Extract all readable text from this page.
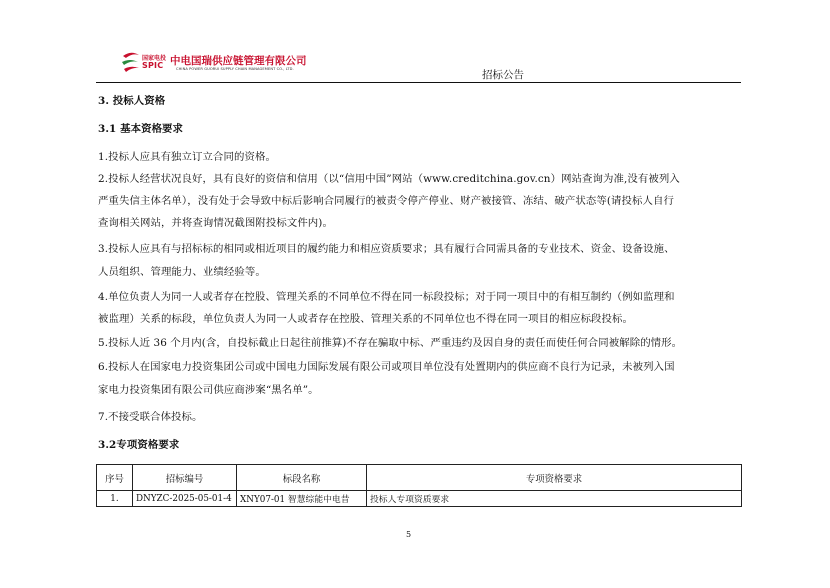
国家电投
SPIC 中电国瑞供应链管理有限公司
CHINA POWER GUORUI SUPPLY CHAIN MANAGEMENT CO., LTD.	招标公告
3. 投标人资格
3.1 基本资格要求
1.投标人应具有独立订立合同的资格。
2.投标人经营状况良好，具有良好的资信和信用（以“信用中国”网站（www.creditchina.gov.cn）网站查询为准,没有被列入
严重失信主体名单），没有处于会导致中标后影响合同履行的被责令停产停业、财产被接管、冻结、破产状态等(请投标人自行
查询相关网站，并将查询情况截图附投标文件内)。
3.投标人应具有与招标标的相同或相近项目的履约能力和相应资质要求；具有履行合同需具备的专业技术、资金、设备设施、
人员组织、管理能力、业绩经验等。
4.单位负责人为同一人或者存在控股、管理关系的不同单位不得在同一标段投标；对于同一项目中的有相互制约（例如监理和
被监理）关系的标段，单位负责人为同一人或者存在控股、管理关系的不同单位也不得在同一项目的相应标段投标。
5.投标人近 36 个月内(含，自投标截止日起往前推算)不存在骗取中标、严重违约及因自身的责任而使任何合同被解除的情形。
6.投标人在国家电力投资集团公司或中国电力国际发展有限公司或项目单位没有处置期内的供应商不良行为记录，未被列入国
家电力投资集团有限公司供应商涉案“黑名单”。
7.不接受联合体投标。
3.2专项资格要求
序号	招标编号	标段名称	专项资格要求
1.	DNYZC-2025-05-01-4	XNY07-01 智慧综能中电昔	投标人专项资质要求
5
